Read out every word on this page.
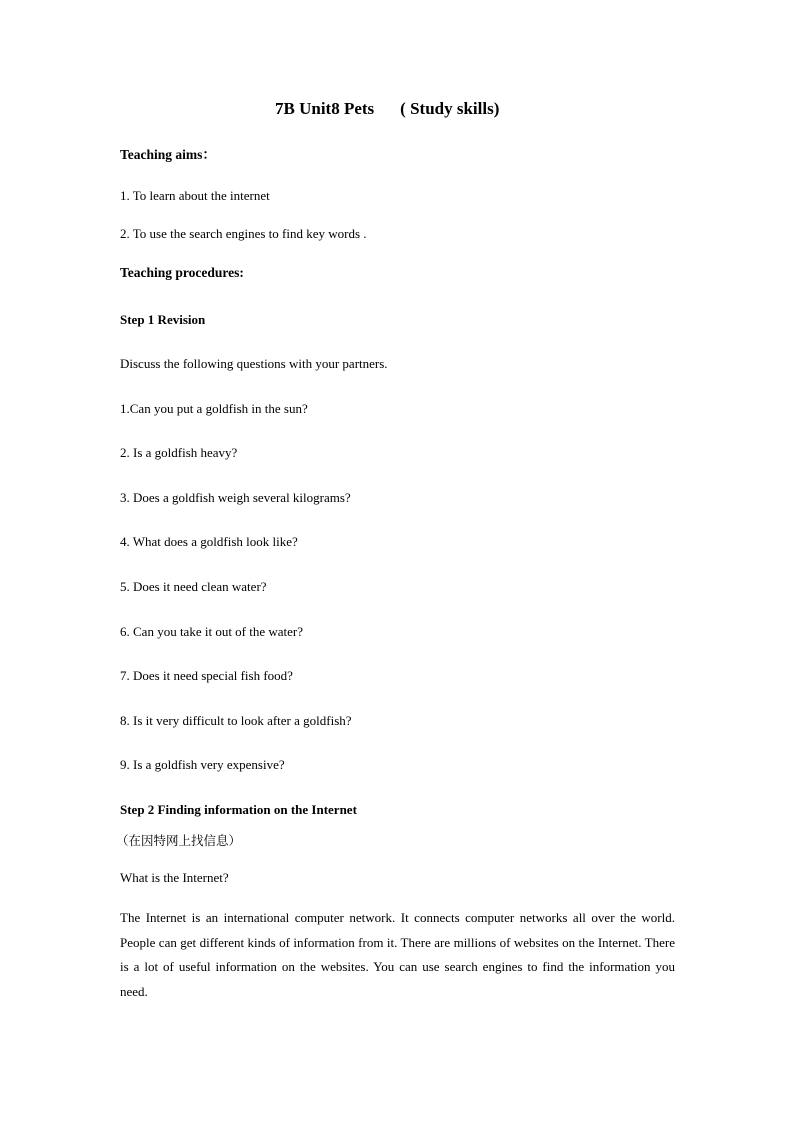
7B Unit8 Pets ( Study skills)
Teaching aims：
1. To learn about the internet
2. To use the search engines to find key words .
Teaching procedures:
Step 1 Revision
Discuss the following questions with your partners.
1.Can you put a goldfish in the sun?
2. Is a goldfish heavy?
3. Does a goldfish weigh several kilograms?
4. What does a goldfish look like?
5. Does it need clean water?
6. Can you take it out of the water?
7. Does it need special fish food?
8. Is it very difficult to look after a goldfish?
9. Is a goldfish very expensive?
Step 2 Finding information on the Internet
（在因特网上找信息）
What is the Internet?
The Internet is an international computer network. It connects computer networks all over the world. People can get different kinds of information from it. There are millions of websites on the Internet. There is a lot of useful information on the websites. You can use search engines to find the information you need.
